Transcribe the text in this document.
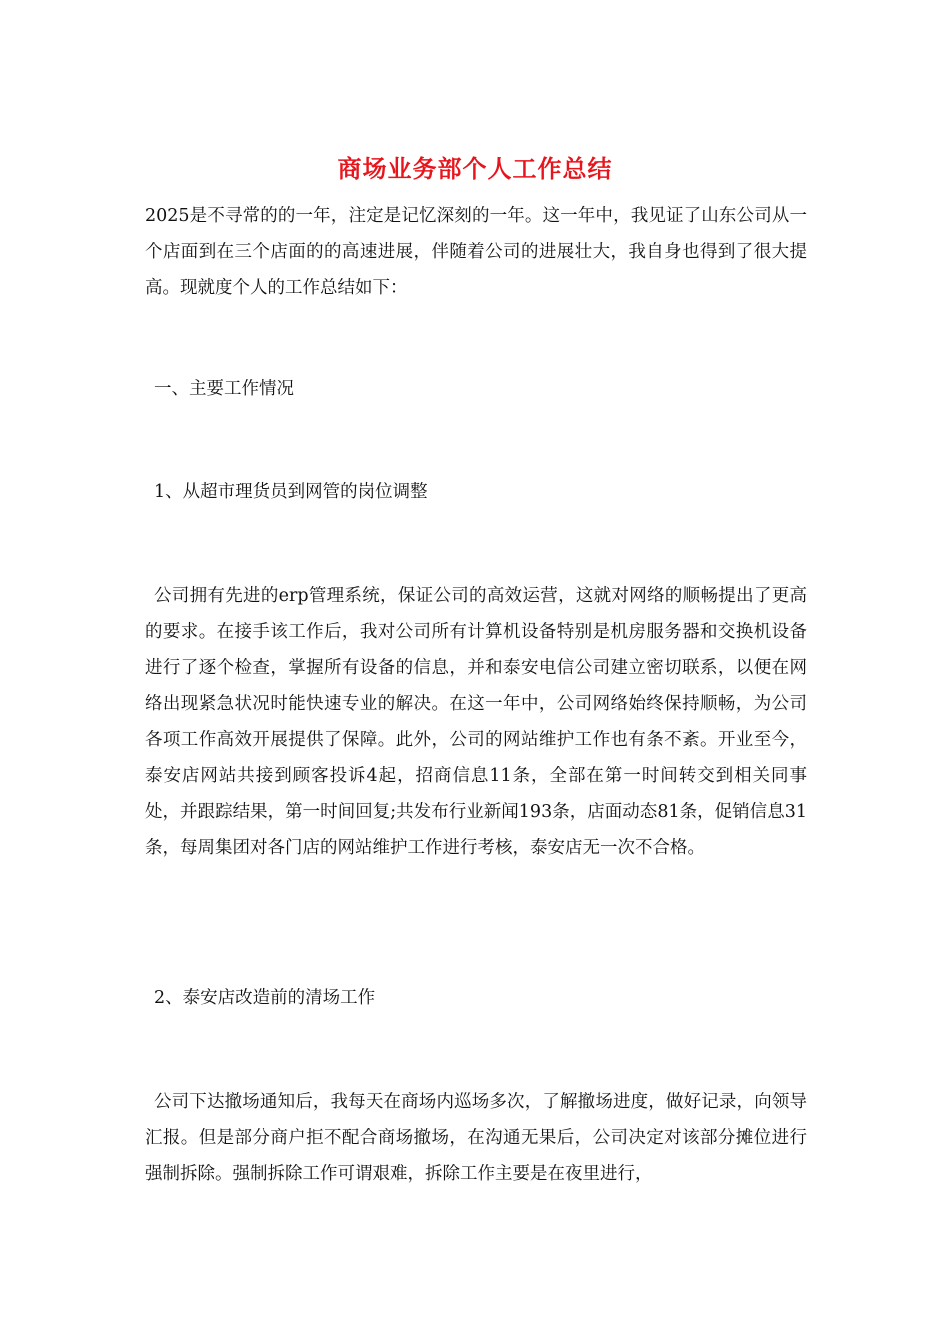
商场业务部个人工作总结
2025是不寻常的的一年，注定是记忆深刻的一年。这一年中，我见证了山东公司从一个店面到在三个店面的的高速进展，伴随着公司的进展壮大，我自身也得到了很大提高。现就度个人的工作总结如下：
一、主要工作情况
1、从超市理货员到网管的岗位调整
公司拥有先进的erp管理系统，保证公司的高效运营，这就对网络的顺畅提出了更高的要求。在接手该工作后，我对公司所有计算机设备特别是机房服务器和交换机设备进行了逐个检查，掌握所有设备的信息，并和泰安电信公司建立密切联系，以便在网络出现紧急状况时能快速专业的解决。在这一年中，公司网络始终保持顺畅，为公司各项工作高效开展提供了保障。此外，公司的网站维护工作也有条不紊。开业至今，泰安店网站共接到顾客投诉4起，招商信息11条，全部在第一时间转交到相关同事处，并跟踪结果，第一时间回复;共发布行业新闻193条，店面动态81条，促销信息31条，每周集团对各门店的网站维护工作进行考核，泰安店无一次不合格。
2、泰安店改造前的清场工作
公司下达撤场通知后，我每天在商场内巡场多次，了解撤场进度，做好记录，向领导汇报。但是部分商户拒不配合商场撤场，在沟通无果后，公司决定对该部分摊位进行强制拆除。强制拆除工作可谓艰难，拆除工作主要是在夜里进行，
